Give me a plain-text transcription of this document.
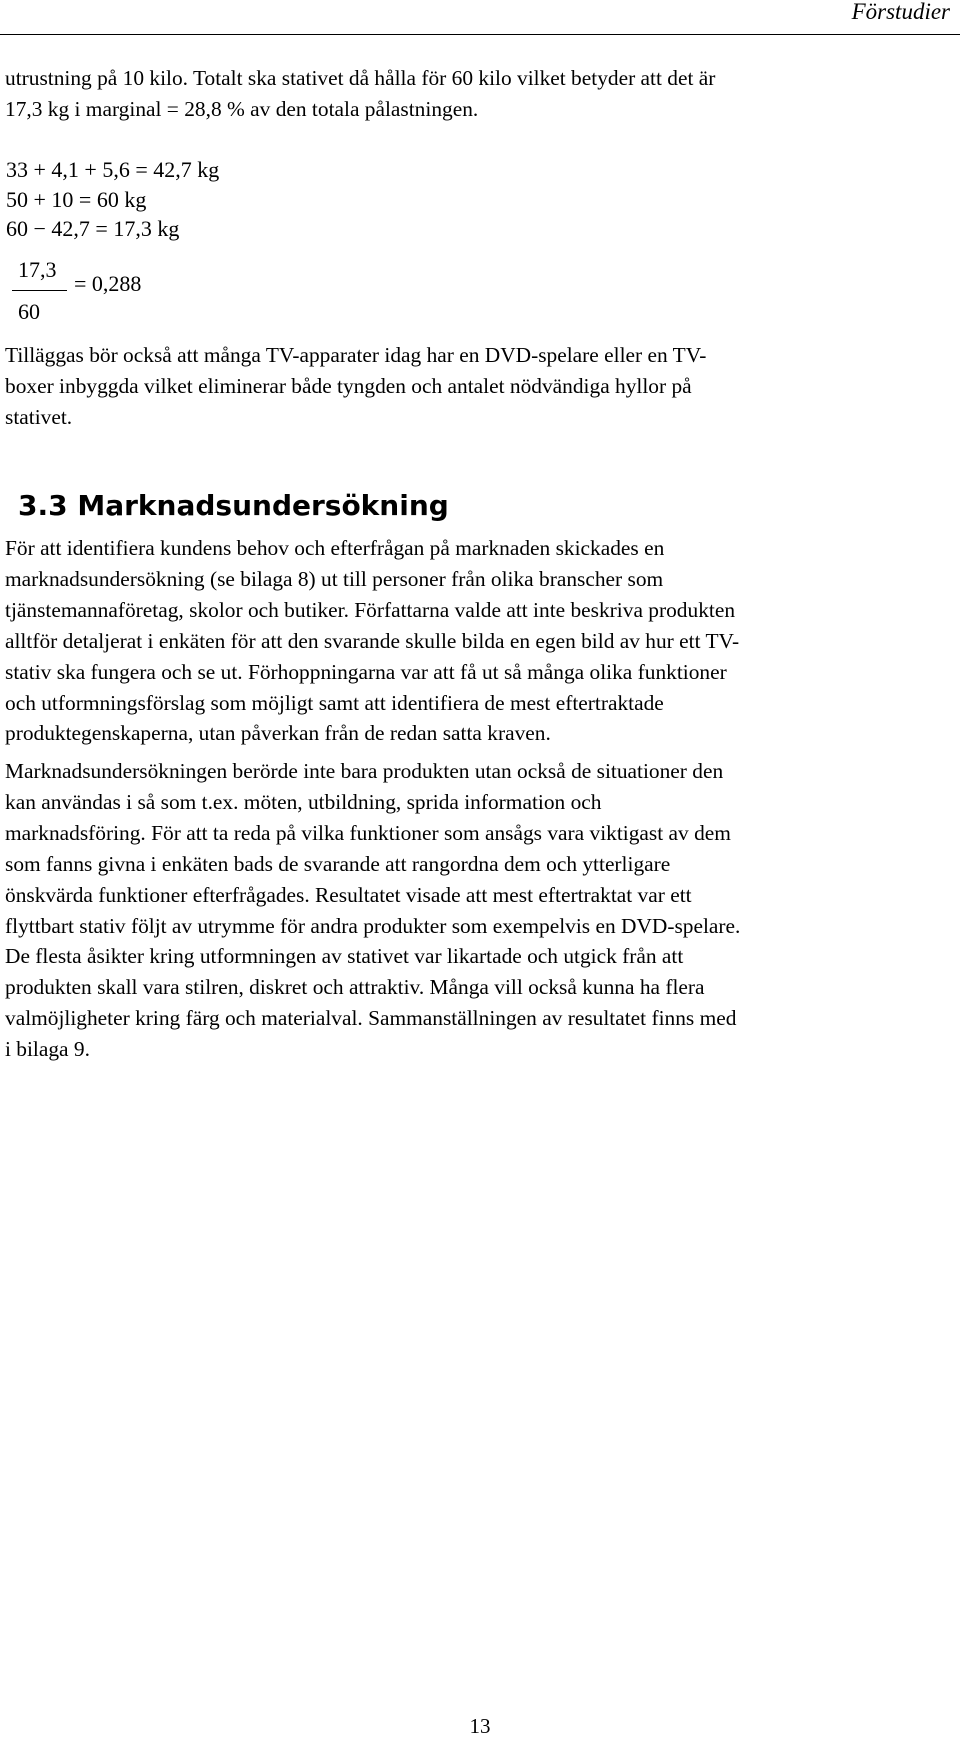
Förstudier

utrustning på 10 kilo. Totalt ska stativet då hålla för 60 kilo vilket betyder att det är
17,3 kg i marginal = 28,8 % av den totala pålastningen.

33 + 4,1 + 5,6 = 42,7 kg
50 + 10 = 60 kg
60 − 42,7 = 17,3 kg
17,3
60
= 0,288

Tilläggas bör också att många TV-apparater idag har en DVD-spelare eller en TV-
boxer inbyggda vilket eliminerar både tyngden och antalet nödvändiga hyllor på
stativet.

3.3 Marknadsundersökning

För att identifiera kundens behov och efterfrågan på marknaden skickades en
marknadsundersökning (se bilaga 8) ut till personer från olika branscher som
tjänstemannaföretag, skolor och butiker. Författarna valde att inte beskriva produkten
alltför detaljerat i enkäten för att den svarande skulle bilda en egen bild av hur ett TV-
stativ ska fungera och se ut. Förhoppningarna var att få ut så många olika funktioner
och utformningsförslag som möjligt samt att identifiera de mest eftertraktade
produktegenskaperna, utan påverkan från de redan satta kraven.

Marknadsundersökningen berörde inte bara produkten utan också de situationer den
kan användas i så som t.ex. möten, utbildning, sprida information och
marknadsföring. För att ta reda på vilka funktioner som ansågs vara viktigast av dem
som fanns givna i enkäten bads de svarande att rangordna dem och ytterligare
önskvärda funktioner efterfrågades. Resultatet visade att mest eftertraktat var ett
flyttbart stativ följt av utrymme för andra produkter som exempelvis en DVD-spelare.
De flesta åsikter kring utformningen av stativet var likartade och utgick från att
produkten skall vara stilren, diskret och attraktiv. Många vill också kunna ha flera
valmöjligheter kring färg och materialval. Sammanställningen av resultatet finns med
i bilaga 9.

13
